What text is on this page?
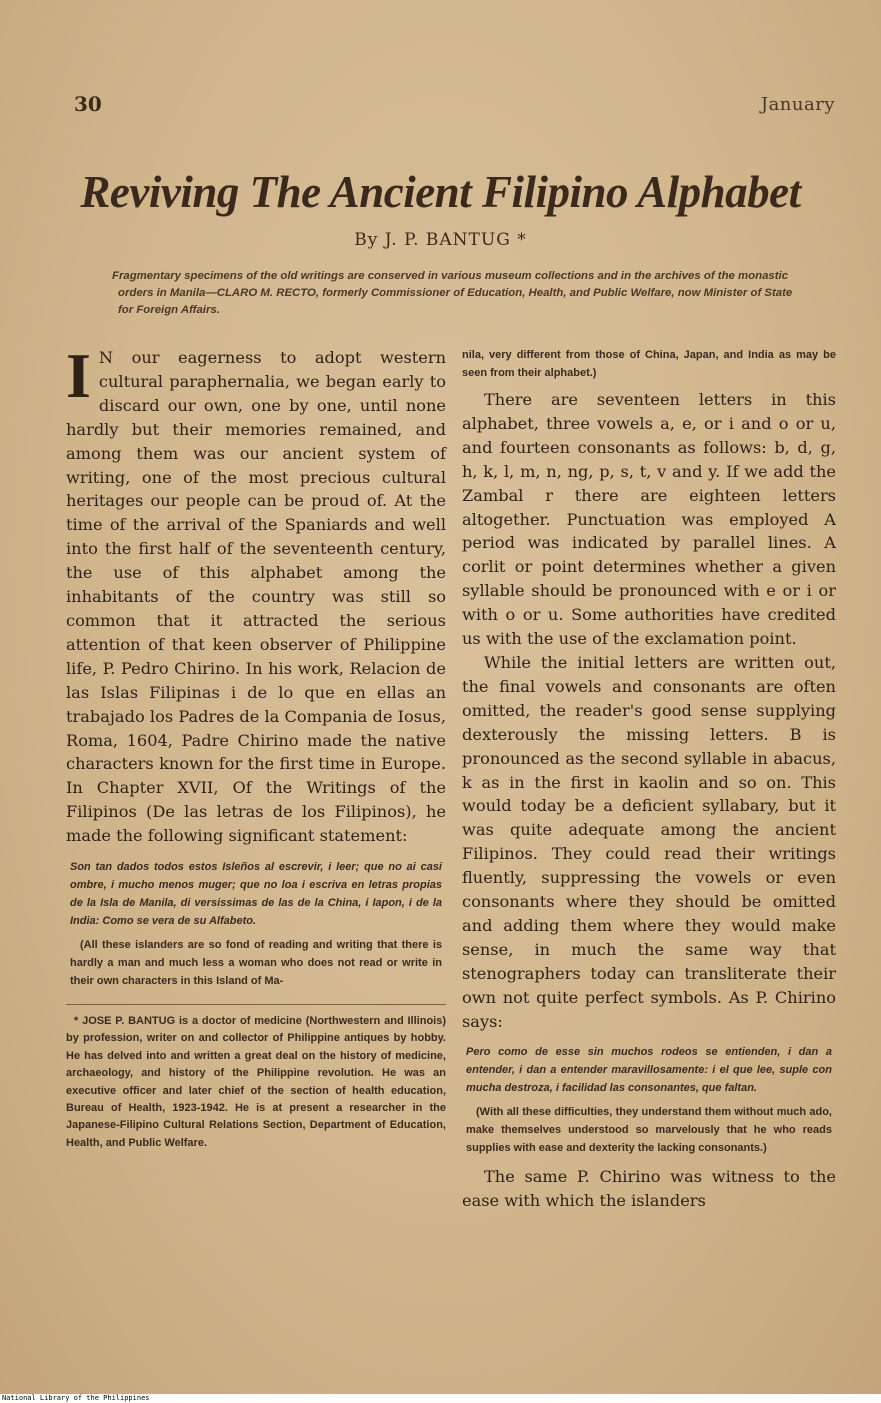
30	January
Reviving The Ancient Filipino Alphabet
By J. P. BANTUG *
Fragmentary specimens of the old writings are conserved in various museum collections and in the archives of the monastic orders in Manila—CLARO M. RECTO, formerly Commissioner of Education, Health, and Public Welfare, now Minister of State for Foreign Affairs.

I N our eagerness to adopt western cultural paraphernalia, we began early to discard our own, one by one, until none hardly but their memories remained, and among them was our ancient system of writing, one of the most precious cultural heritages our people can be proud of. At the time of the arrival of the Spaniards and well into the first half of the seventeenth century, the use of this alphabet among the inhabitants of the country was still so common that it attracted the serious attention of that keen observer of Philippine life, P. Pedro Chirino. In his work, Relacion de las Islas Filipinas i de lo que en ellas an trabajado los Padres de la Compania de Iosus, Roma, 1604, Padre Chirino made the native characters known for the first time in Europe. In Chapter XVII, Of the Writings of the Filipinos (De las letras de los Filipinos), he made the following significant statement:

Son tan dados todos estos Isleños al escrevir, i leer; que no ai casi ombre, i mucho menos muger; que no loa i escriva en letras propias de la Isla de Manila, di versissimas de las de la China, i Iapon, i de la India: Como se vera de su Alfabeto.

(All these islanders are so fond of reading and writing that there is hardly a man and much less a woman who does not read or write in their own characters in this Island of Ma-

* JOSE P. BANTUG is a doctor of medicine (Northwestern and Illinois) by profession, writer on and collector of Philippine antiques by hobby. He has delved into and written a great deal on the history of medicine, archaeology, and history of the Philippine revolution. He was an executive officer and later chief of the section of health education, Bureau of Health, 1923-1942. He is at present a researcher in the Japanese-Filipino Cultural Relations Section, Department of Education, Health, and Public Welfare.

nila, very different from those of China, Japan, and India as may be seen from their alphabet.)

There are seventeen letters in this alphabet, three vowels a, e, or i and o or u, and fourteen consonants as follows: b, d, g, h, k, l, m, n, ng, p, s, t, v and y. If we add the Zambal r there are eighteen letters altogether. Punctuation was employed A period was indicated by parallel lines. A corlit or point determines whether a given syllable should be pronounced with e or i or with o or u. Some authorities have credited us with the use of the exclamation point.

While the initial letters are written out, the final vowels and consonants are often omitted, the reader's good sense supplying dexterously the missing letters. B is pronounced as the second syllable in abacus, k as in the first in kaolin and so on. This would today be a deficient syllabary, but it was quite adequate among the ancient Filipinos. They could read their writings fluently, suppressing the vowels or even consonants where they should be omitted and adding them where they would make sense, in much the same way that stenographers today can transliterate their own not quite perfect symbols. As P. Chirino says:

Pero como de esse sin muchos rodeos se entienden, i dan a entender, i dan a entender maravillosamente: i el que lee, suple con mucha destroza, i facilidad las consonantes, que faltan.

(With all these difficulties, they understand them without much ado, make themselves understood so marvelously that he who reads supplies with ease and dexterity the lacking consonants.)

The same P. Chirino was witness to the ease with which the islanders

National Library of the Philippines
